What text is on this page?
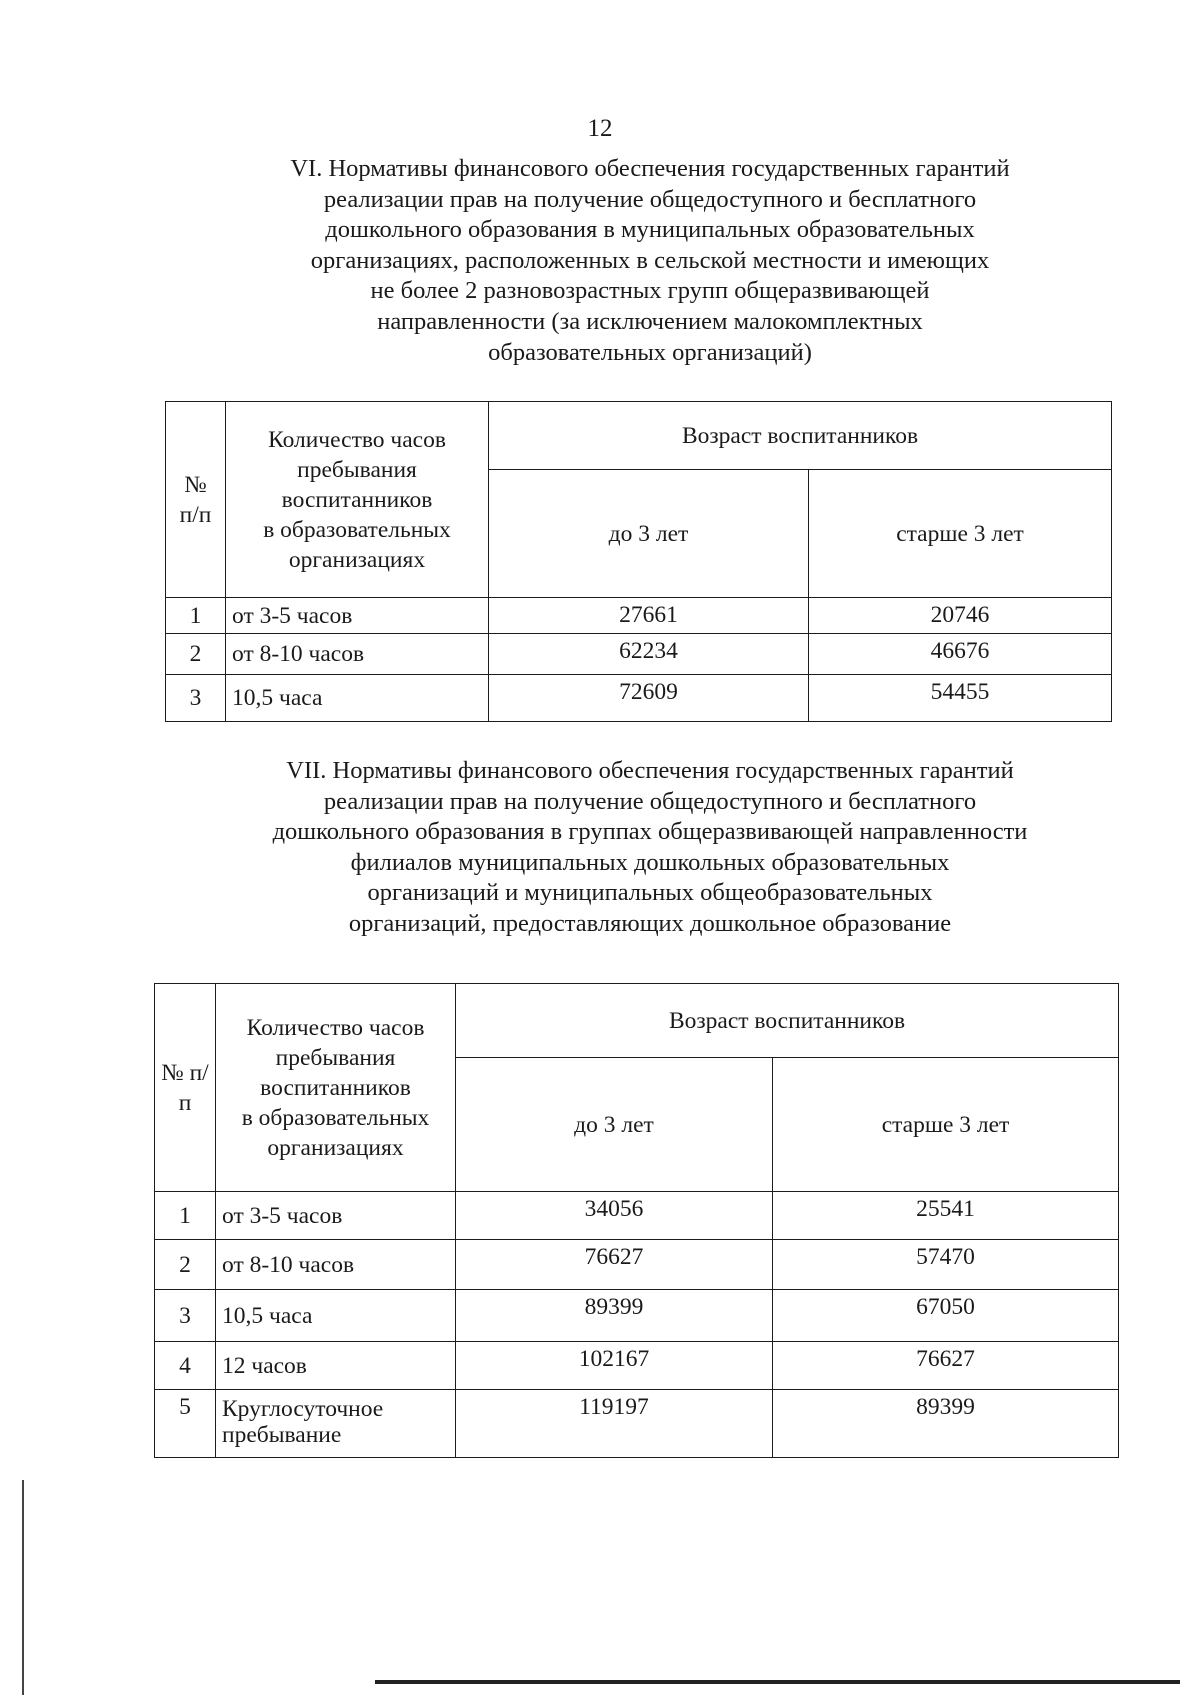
12
VI. Нормативы финансового обеспечения государственных гарантий
реализации прав на получение общедоступного и бесплатного
дошкольного образования в муниципальных образовательных
организациях, расположенных в сельской местности и имеющих
не более 2 разновозрастных групп общеразвивающей
направленности (за исключением малокомплектных
образовательных организаций)
№ п/п	Количество часов
пребывания
воспитанников
в образовательных
организациях	Возраст воспитанников	
		до 3 лет	старше 3 лет
1	от 3-5 часов	27661	20746
2	от 8-10 часов	62234	46676
3	10,5 часа	72609	54455
VII. Нормативы финансового обеспечения государственных гарантий
реализации прав на получение общедоступного и бесплатного
дошкольного образования в группах общеразвивающей направленности
филиалов муниципальных дошкольных образовательных
организаций и муниципальных общеобразовательных
организаций, предоставляющих дошкольное образование
№ п/п	Количество часов
пребывания
воспитанников
в образовательных
организациях	Возраст воспитанников	
		до 3 лет	старше 3 лет
1	от 3-5 часов	34056	25541
2	от 8-10 часов	76627	57470
3	10,5 часа	89399	67050
4	12 часов	102167	76627
5	Круглосуточное пребывание	119197	89399
